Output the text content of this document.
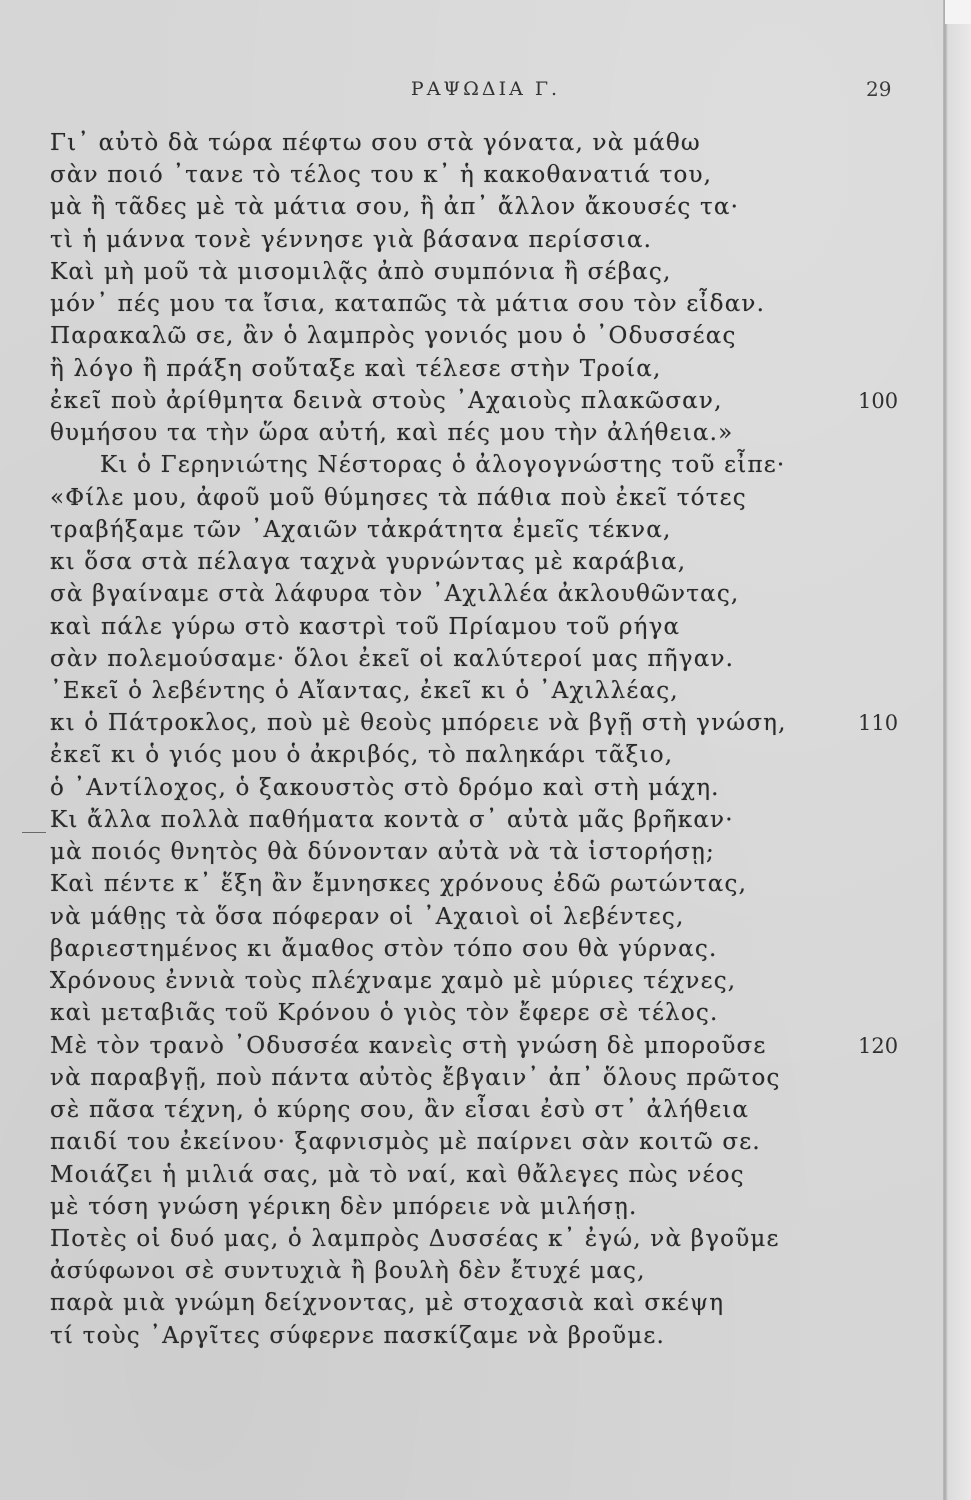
ΡΑΨΩΔΙΑ Γ.	29
Γι᾽ αὐτὸ δὰ τώρα πέφτω σου στὰ γόνατα, νὰ μάθω
σὰν ποιό ᾽τανε τὸ τέλος του κ᾽ ἡ κακοθανατιά του,
μὰ ἢ τᾶδες μὲ τὰ μάτια σου, ἢ ἀπ᾽ ἄλλον ἄκουσές τα·
τὶ ἡ μάννα τονὲ γέννησε γιὰ βάσανα περίσσια.
Καὶ μὴ μοῦ τὰ μισομιλᾷς ἀπὸ συμπόνια ἢ σέβας,
μόν᾽ πές μου τα ἴσια, καταπῶς τὰ μάτια σου τὸν εἶδαν.
Παρακαλῶ σε, ἂν ὁ λαμπρὸς γονιός μου ὁ ᾽Οδυσσέας
ἢ λόγο ἢ πράξη σοὔταξε καὶ τέλεσε στὴν Τροία,
ἐκεῖ ποὺ ἀρίθμητα δεινὰ στοὺς ᾽Αχαιοὺς πλακῶσαν,	100
θυμήσου τα τὴν ὥρα αὐτή, καὶ πές μου τὴν ἀλήθεια.»
Κι ὁ Γερηνιώτης Νέστορας ὁ ἀλογογνώστης τοῦ εἶπε·
«Φίλε μου, ἀφοῦ μοῦ θύμησες τὰ πάθια ποὺ ἐκεῖ τότες
τραβήξαμε τῶν ᾽Αχαιῶν τἀκράτητα ἐμεῖς τέκνα,
κι ὅσα στὰ πέλαγα ταχνὰ γυρνώντας μὲ καράβια,
σὰ βγαίναμε στὰ λάφυρα τὸν ᾽Αχιλλέα ἀκλουθῶντας,
καὶ πάλε γύρω στὸ καστρὶ τοῦ Πρίαμου τοῦ ρήγα
σὰν πολεμούσαμε· ὅλοι ἐκεῖ οἱ καλύτεροί μας πῆγαν.
᾽Εκεῖ ὁ λεβέντης ὁ Αἴαντας, ἐκεῖ κι ὁ ᾽Αχιλλέας,
κι ὁ Πάτροκλος, ποὺ μὲ θεοὺς μπόρειε νὰ βγῇ στὴ γνώση,	110
ἐκεῖ κι ὁ γιός μου ὁ ἀκριβός, τὸ παληκάρι τᾶξιο,
ὁ ᾽Αντίλοχος, ὁ ξακουστὸς στὸ δρόμο καὶ στὴ μάχη.
Κι ἄλλα πολλὰ παθήματα κοντὰ σ᾽ αὐτὰ μᾶς βρῆκαν·
μὰ ποιός θνητὸς θὰ δύνονταν αὐτὰ νὰ τὰ ἱστορήσῃ;
Καὶ πέντε κ᾽ ἕξη ἂν ἔμνησκες χρόνους ἐδῶ ρωτώντας,
νὰ μάθῃς τὰ ὅσα πόφεραν οἱ ᾽Αχαιοὶ οἱ λεβέντες,
βαριεστημένος κι ἄμαθος στὸν τόπο σου θὰ γύρνας.
Χρόνους ἐννιὰ τοὺς πλέχναμε χαμὸ μὲ μύριες τέχνες,
καὶ μεταβιᾶς τοῦ Κρόνου ὁ γιὸς τὸν ἔφερε σὲ τέλος.
Μὲ τὸν τρανὸ ᾽Οδυσσέα κανεὶς στὴ γνώση δὲ μποροῦσε	120
νὰ παραβγῇ, ποὺ πάντα αὐτὸς ἔβγαιν᾽ ἀπ᾽ ὅλους πρῶτος
σὲ πᾶσα τέχνη, ὁ κύρης σου, ἂν εἶσαι ἐσὺ στ᾽ ἀλήθεια
παιδί του ἐκείνου· ξαφνισμὸς μὲ παίρνει σὰν κοιτῶ σε.
Μοιάζει ἡ μιλιά σας, μὰ τὸ ναί, καὶ θἄλεγες πὼς νέος
μὲ τόση γνώση γέρικη δὲν μπόρειε νὰ μιλήσῃ.
Ποτὲς οἱ δυό μας, ὁ λαμπρὸς Δυσσέας κ᾽ ἐγώ, νὰ βγοῦμε
ἀσύφωνοι σὲ συντυχιὰ ἢ βουλὴ δὲν ἔτυχέ μας,
παρὰ μιὰ γνώμη δείχνοντας, μὲ στοχασιὰ καὶ σκέψη
τί τοὺς ᾽Αργῖτες σύφερνε πασκίζαμε νὰ βροῦμε.
